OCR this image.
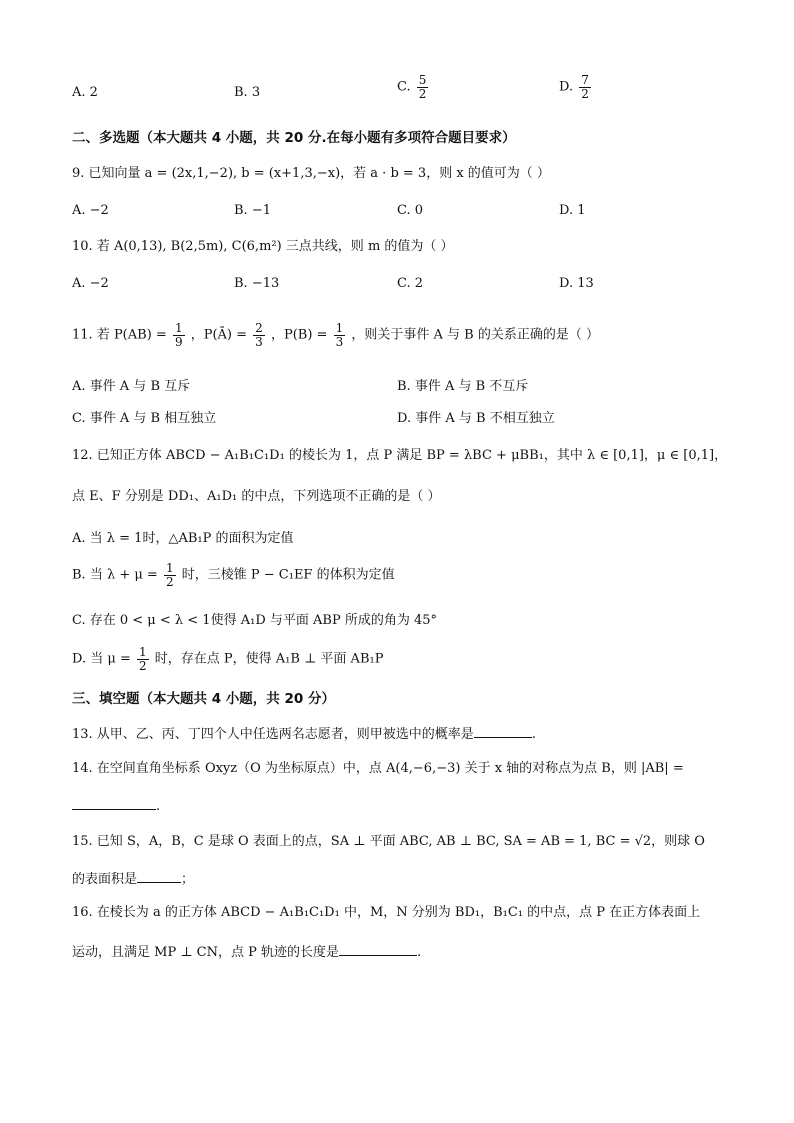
A. 2	B. 3	C. $\frac{5}{2}$	D. $\frac{7}{2}$
二、多选题（本大题共 4 小题，共 20 分.在每小题有多项符合题目要求）
9. 已知向量 a = (2x,1,−2), b = (x+1,3,−x)，若 a · b = 3，则 x 的值可为（ ）
A. −2	B. −1	C. 0	D. 1
10. 若 A(0,13), B(2,5m), C(6,m²) 三点共线，则 m 的值为（ ）
A. −2	B. −13	C. 2	D. 13
11. 若 $P(AB) = \frac{1}{9}$ ，P(Ā) = $\frac{2}{3}$ ，$P(B) = \frac{1}{3}$ ，则关于事件 A 与 B 的关系正确的是（ ）
A. 事件 A 与 B 互斥	B. 事件 A 与 B 不互斥
C. 事件 A 与 B 相互独立	D. 事件 A 与 B 不相互独立
12. 已知正方体 ABCD − A₁B₁C₁D₁ 的棱长为 1，点 P 满足 BP = λBC + μBB₁，其中 λ ∈ [0,1]，μ ∈ [0,1]，
点 E、F 分别是 DD₁、A₁D₁ 的中点，下列选项不正确的是（ ）
A. 当 λ = 1时，△AB₁P 的面积为定值
B. 当 $\lambda + \mu = \frac{1}{2}$ 时，三棱锥 P − C₁EF 的体积为定值
C. 存在 0 < μ < λ < 1使得 A₁D 与平面 ABP 所成的角为 45°
D. 当 $\mu = \frac{1}{2}$ 时，存在点 P，使得 A₁B ⊥ 平面 AB₁P
三、填空题（本大题共 4 小题，共 20 分）
13. 从甲、乙、丙、丁四个人中任选两名志愿者，则甲被选中的概率是	.
14. 在空间直角坐标系 Oxyz（O 为坐标原点）中，点 A(4,−6,−3) 关于 x 轴的对称点为点 B，则 |AB| =
.
15. 已知 S，A，B，C 是球 O 表面上的点，SA ⊥ 平面 ABC, AB ⊥ BC, SA = AB = 1, BC = √2，则球 O
的表面积是	；
16. 在棱长为 a 的正方体 ABCD − A₁B₁C₁D₁ 中，M，N 分别为 BD₁，B₁C₁ 的中点，点 P 在正方体表面上
运动，且满足 MP ⊥ CN，点 P 轨迹的长度是	.
